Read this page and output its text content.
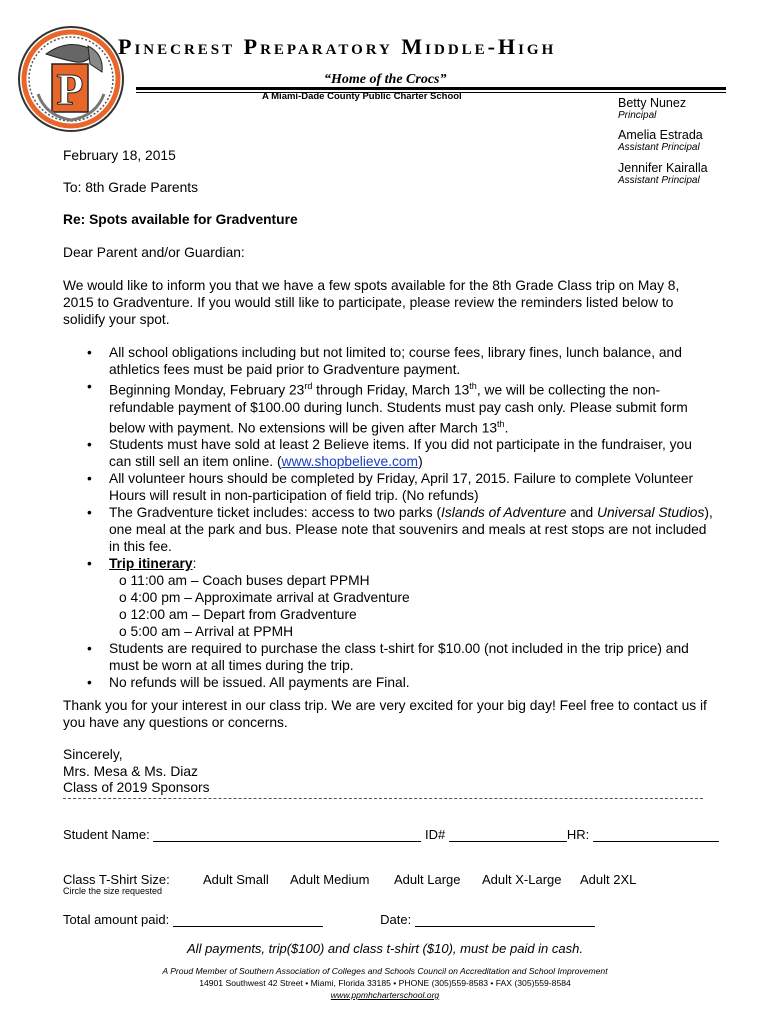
P
Pinecrest Preparatory Middle-High
“Home of the Crocs”
A Miami-Dade County Public Charter School	Betty Nunez
Principal
Amelia Estrada
Assistant Principal
Jennifer Kairalla
Assistant Principal
February 18, 2015
To: 8th Grade Parents
Re: Spots available for Gradventure
Dear Parent and/or Guardian:
We would like to inform you that we have a few spots available for the 8th Grade Class trip on May 8, 2015 to Gradventure. If you would still like to participate, please review the reminders listed below to solidify your spot.
• All school obligations including but not limited to; course fees, library fines, lunch balance, and athletics fees must be paid prior to Gradventure payment.
• Beginning Monday, February 23rd through Friday, March 13th, we will be collecting the non-refundable payment of $100.00 during lunch. Students must pay cash only. Please submit form below with payment. No extensions will be given after March 13th.
• Students must have sold at least 2 Believe items. If you did not participate in the fundraiser, you can still sell an item online. (www.shopbelieve.com)
• All volunteer hours should be completed by Friday, April 17, 2015. Failure to complete Volunteer Hours will result in non-participation of field trip. (No refunds)
• The Gradventure ticket includes: access to two parks (Islands of Adventure and Universal Studios), one meal at the park and bus. Please note that souvenirs and meals at rest stops are not included in this fee.
• Trip itinerary:
o 11:00 am – Coach buses depart PPMH
o 4:00 pm – Approximate arrival at Gradventure
o 12:00 am – Depart from Gradventure
o 5:00 am – Arrival at PPMH
• Students are required to purchase the class t-shirt for $10.00 (not included in the trip price) and must be worn at all times during the trip.
• No refunds will be issued. All payments are Final.
Thank you for your interest in our class trip. We are very excited for your big day! Feel free to contact us if you have any questions or concerns.
Sincerely,
Mrs. Mesa & Ms. Diaz
Class of 2019 Sponsors
Student Name:	ID#	HR:
Class T-Shirt Size:
Circle the size requested
Adult Small Adult Medium Adult Large Adult X-Large Adult 2XL
Total amount paid:	Date:
All payments, trip($100) and class t-shirt ($10), must be paid in cash.
A Proud Member of Southern Association of Colleges and Schools Council on Accreditation and School Improvement
14901 Southwest 42 Street • Miami, Florida 33185 • PHONE (305)559-8583 • FAX (305)559-8584
www.ppmhcharterschool.org
